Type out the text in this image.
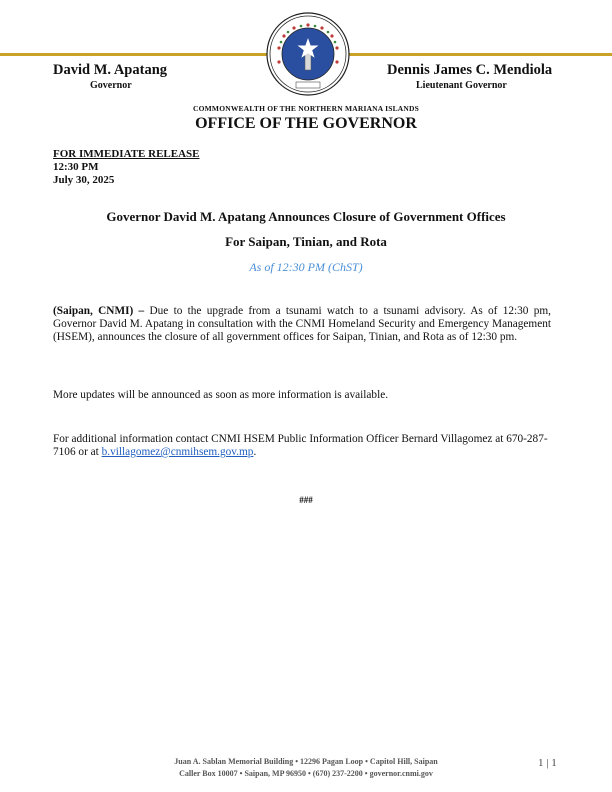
David M. Apatang
Governor
Dennis James C. Mendiola
Lieutenant Governor
COMMONWEALTH OF THE NORTHERN MARIANA ISLANDS
OFFICE OF THE GOVERNOR
FOR IMMEDIATE RELEASE
12:30 PM
July 30, 2025
Governor David M. Apatang Announces Closure of Government Offices
For Saipan, Tinian, and Rota
As of 12:30 PM (ChST)
(Saipan, CNMI) – Due to the upgrade from a tsunami watch to a tsunami advisory. As of 12:30 pm, Governor David M. Apatang in consultation with the CNMI Homeland Security and Emergency Management (HSEM), announces the closure of all government offices for Saipan, Tinian, and Rota as of 12:30 pm.
More updates will be announced as soon as more information is available.
For additional information contact CNMI HSEM Public Information Officer Bernard Villagomez at 670-287-7106 or at b.villagomez@cnmihsem.gov.mp.
###
Juan A. Sablan Memorial Building • 12296 Pagan Loop • Capitol Hill, Saipan
Caller Box 10007 • Saipan, MP 96950 • (670) 237-2200 • governor.cnmi.gov
1 | 1
